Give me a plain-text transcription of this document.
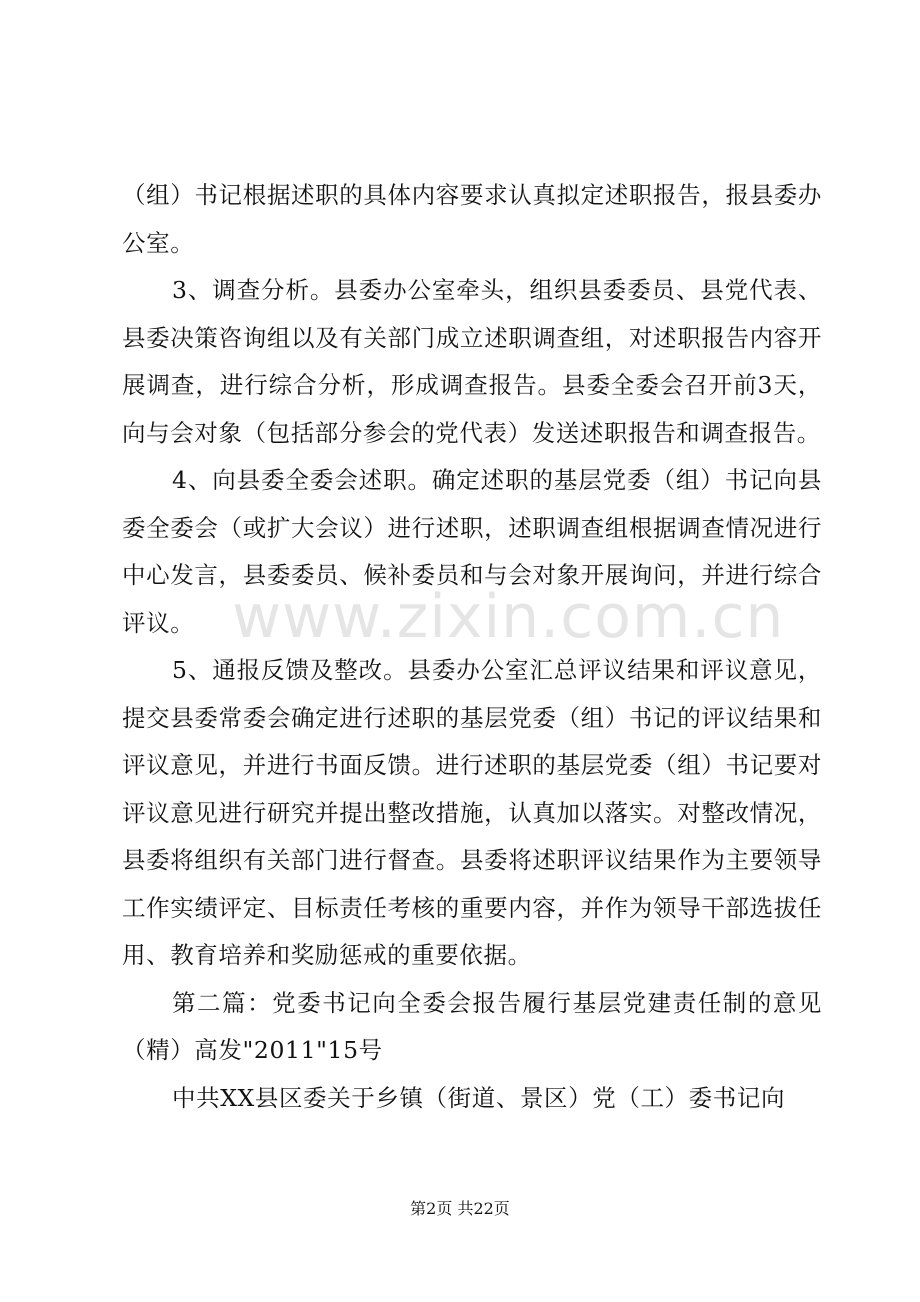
www.zixin.com.cn

（组）书记根据述职的具体内容要求认真拟定述职报告，报县委办公室。

3、调查分析。县委办公室牵头，组织县委委员、县党代表、县委决策咨询组以及有关部门成立述职调查组，对述职报告内容开展调查，进行综合分析，形成调查报告。县委全委会召开前3天，向与会对象（包括部分参会的党代表）发送述职报告和调查报告。

4、向县委全委会述职。确定述职的基层党委（组）书记向县委全委会（或扩大会议）进行述职，述职调查组根据调查情况进行中心发言，县委委员、候补委员和与会对象开展询问，并进行综合评议。

5、通报反馈及整改。县委办公室汇总评议结果和评议意见，提交县委常委会确定进行述职的基层党委（组）书记的评议结果和评议意见，并进行书面反馈。进行述职的基层党委（组）书记要对评议意见进行研究并提出整改措施，认真加以落实。对整改情况，县委将组织有关部门进行督查。县委将述职评议结果作为主要领导工作实绩评定、目标责任考核的重要内容，并作为领导干部选拔任用、教育培养和奖励惩戒的重要依据。

第二篇：党委书记向全委会报告履行基层党建责任制的意见（精）高发"2011"15号

中共XX县区委关于乡镇（街道、景区）党（工）委书记向

第2页 共22页
